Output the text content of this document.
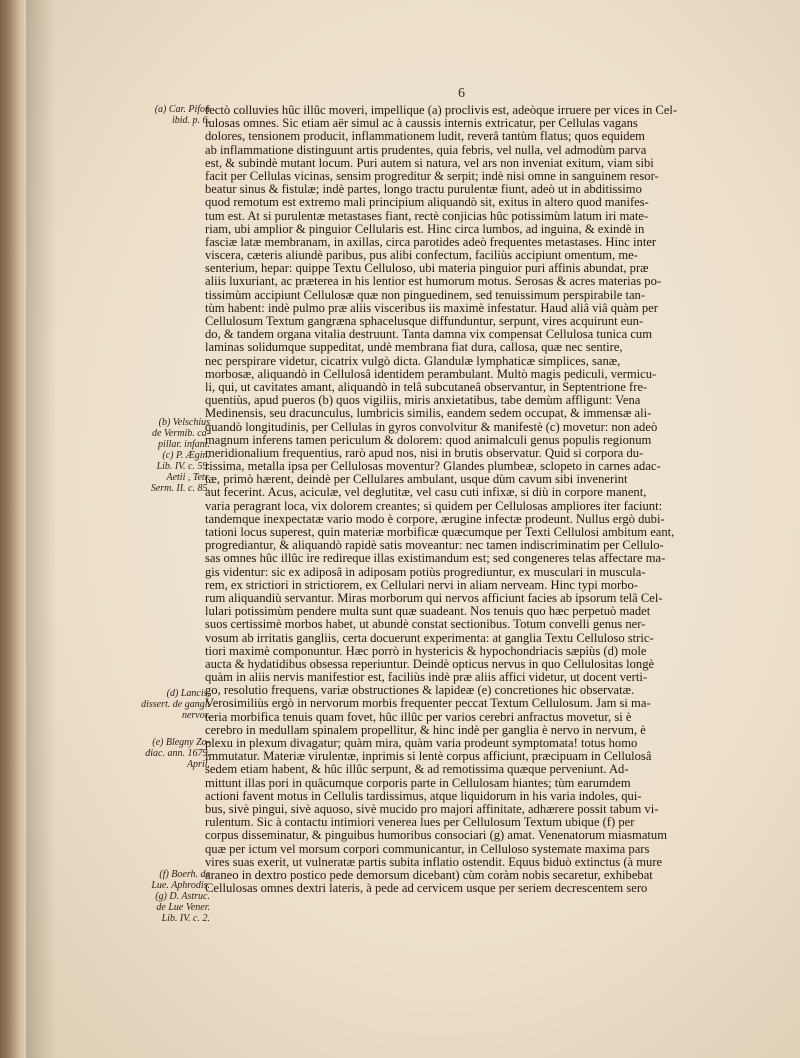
6
(a) Car. Pifon
ibid. p. 6.
(b) Velschius
de Vermib. ca-
pillar. infant.
(c) P. Ægin.
Lib. IV. c. 59.
Aetii , Tetr.
Serm. II. c. 85.
(d) Lancis.
dissert. de gangl.
nervor.
(e) Blegny Zo-
diac. ann. 1679.
April.
(f) Boerh. de
Lue. Aphrodis.
(g) D. Astruc.
de Lue Vener.
Lib. IV. c. 2.
fectò colluvies hûc illûc moveri, impellique (a) proclivis est, adeòque irruere per vices in Cel-
lulosas omnes. Sic etiam aër simul ac à caussis internis extricatur, per Cellulas vagans
dolores, tensionem producit, inflammationem ludit, reverâ tantùm flatus; quos equidem
ab inflammatione distinguunt artis prudentes, quia febris, vel nulla, vel admodùm parva
est, & subindè mutant locum. Puri autem si natura, vel ars non inveniat exitum, viam sibi
facit per Cellulas vicinas, sensim progreditur & serpit; indè nisi omne in sanguinem resor-
beatur sinus & fistulæ; indè partes, longo tractu purulentæ fiunt, adeò ut in abditissimo
quod remotum est extremo mali principium aliquandò sit, exitus in altero quod manifes-
tum est. At si purulentæ metastases fiant, rectè conjicias hûc potissimùm latum iri mate-
riam, ubi amplior & pinguior Cellularis est. Hinc circa lumbos, ad inguina, & exindè in
fasciæ latæ membranam, in axillas, circa parotides adeò frequentes metastases. Hinc inter
viscera, cæteris aliundè paribus, pus alibi confectum, faciliùs accipiunt omentum, me-
senterium, hepar: quippe Textu Celluloso, ubi materia pinguior puri affinis abundat, præ
aliis luxuriant, ac præterea in his lentior est humorum motus. Serosas & acres materias po-
tissimùm accipiunt Cellulosæ quæ non pinguedinem, sed tenuissimum perspirabile tan-
tùm habent: indè pulmo præ aliis visceribus iis maximè infestatur. Haud aliâ viâ quàm per
Cellulosum Textum gangræna sphacelusque diffunduntur, serpunt, vires acquirunt eun-
do, & tandem organa vitalia destruunt. Tanta damna vix compensat Cellulosa tunica cum
laminas solidumque suppeditat, undè membrana fiat dura, callosa, quæ nec sentire,
nec perspirare videtur, cicatrix vulgò dicta. Glandulæ lymphaticæ simplices, sanæ,
morbosæ, aliquandò in Cellulosâ identidem perambulant. Multò magis pediculi, vermicu-
li, qui, ut cavitates amant, aliquandò in telâ subcutaneâ observantur, in Septentrione fre-
quentiùs, apud pueros (b) quos vigiliis, miris anxietatibus, tabe demùm affligunt: Vena
Medinensis, seu dracunculus, lumbricis similis, eandem sedem occupat, & immensæ ali-
quandò longitudinis, per Cellulas in gyros convolvitur & manifestè (c) movetur: non adeò
magnum inferens tamen periculum & dolorem: quod animalculi genus populis regionum
meridionalium frequentius, rarò apud nos, nisi in brutis observatur. Quid si corpora du-
rissima, metalla ipsa per Cellulosas moventur? Glandes plumbeæ, sclopeto in carnes adac-
tæ, primò hærent, deindè per Cellulares ambulant, usque dùm cavum sibi invenerint
aut fecerint. Acus, aciculæ, vel deglutitæ, vel casu cuti infixæ, si diù in corpore manent,
varia peragrant loca, vix dolorem creantes; si quidem per Cellulosas ampliores iter faciunt:
tandemque inexpectatæ vario modo è corpore, ærugine infectæ prodeunt. Nullus ergò dubi-
tationi locus superest, quin materiæ morbificæ quæcumque per Texti Cellulosi ambitum eant,
progrediantur, & aliquandò rapidè satis moveantur: nec tamen indiscriminatim per Cellulo-
sas omnes hûc illûc ire redireque illas existimandum est; sed congeneres telas affectare ma-
gis videntur: sic ex adiposâ in adiposam potiùs progrediuntur, ex musculari in muscula-
rem, ex strictiori in strictiorem, ex Cellulari nervi in aliam nerveam. Hinc typi morbo-
rum aliquandiù servantur. Miras morborum qui nervos afficiunt facies ab ipsorum telâ Cel-
lulari potissimùm pendere multa sunt quæ suadeant. Nos tenuis quo hæc perpetuò madet
suos certissimè morbos habet, ut abundè constat sectionibus. Totum convelli genus ner-
vosum ab irritatis gangliis, certa docuerunt experimenta: at ganglia Textu Celluloso stric-
tiori maximè componuntur. Hæc porrò in hystericis & hypochondriacis sæpiùs (d) mole
aucta & hydatidibus obsessa reperiuntur. Deindè opticus nervus in quo Cellulositas longè
quàm in aliis nervis manifestior est, faciliùs indè præ aliis affici videtur, ut docent verti-
go, resolutio frequens, variæ obstructiones & lapideæ (e) concretiones hic observatæ.
Verosimiliùs ergò in nervorum morbis frequenter peccat Textum Cellulosum. Jam si ma-
teria morbifica tenuis quam fovet, hûc illûc per varios cerebri anfractus movetur, si è
cerebro in medullam spinalem propellitur, & hinc indè per ganglia è nervo in nervum, è
plexu in plexum divagatur; quàm mira, quàm varia prodeunt symptomata! totus homo
immutatur. Materiæ virulentæ, inprimis si lentè corpus afficiunt, præcipuam in Cellulosâ
sedem etiam habent, & hûc illûc serpunt, & ad remotissima quæque perveniunt. Ad-
mittunt illas pori in quâcumque corporis parte in Cellulosam hiantes; tùm earumdem
actioni favent motus in Cellulis tardissimus, atque liquidorum in his varia indoles, qui-
bus, sivè pingui, sivè aquoso, sivè mucido pro majori affinitate, adhærere possit tabum vi-
rulentum. Sic à contactu intimiori venerea lues per Cellulosum Textum ubique (f) per
corpus disseminatur, & pinguibus humoribus consociari (g) amat. Venenatorum miasmatum
quæ per ictum vel morsum corpori communicantur, in Celluloso systemate maxima pars
vires suas exerit, ut vulneratæ partis subita inflatio ostendit. Equus biduò extinctus (à mure
araneo in dextro postico pede demorsum dicebant) cùm coràm nobis secaretur, exhibebat
Cellulosas omnes dextri lateris, à pede ad cervicem usque per seriem decrescentem sero
